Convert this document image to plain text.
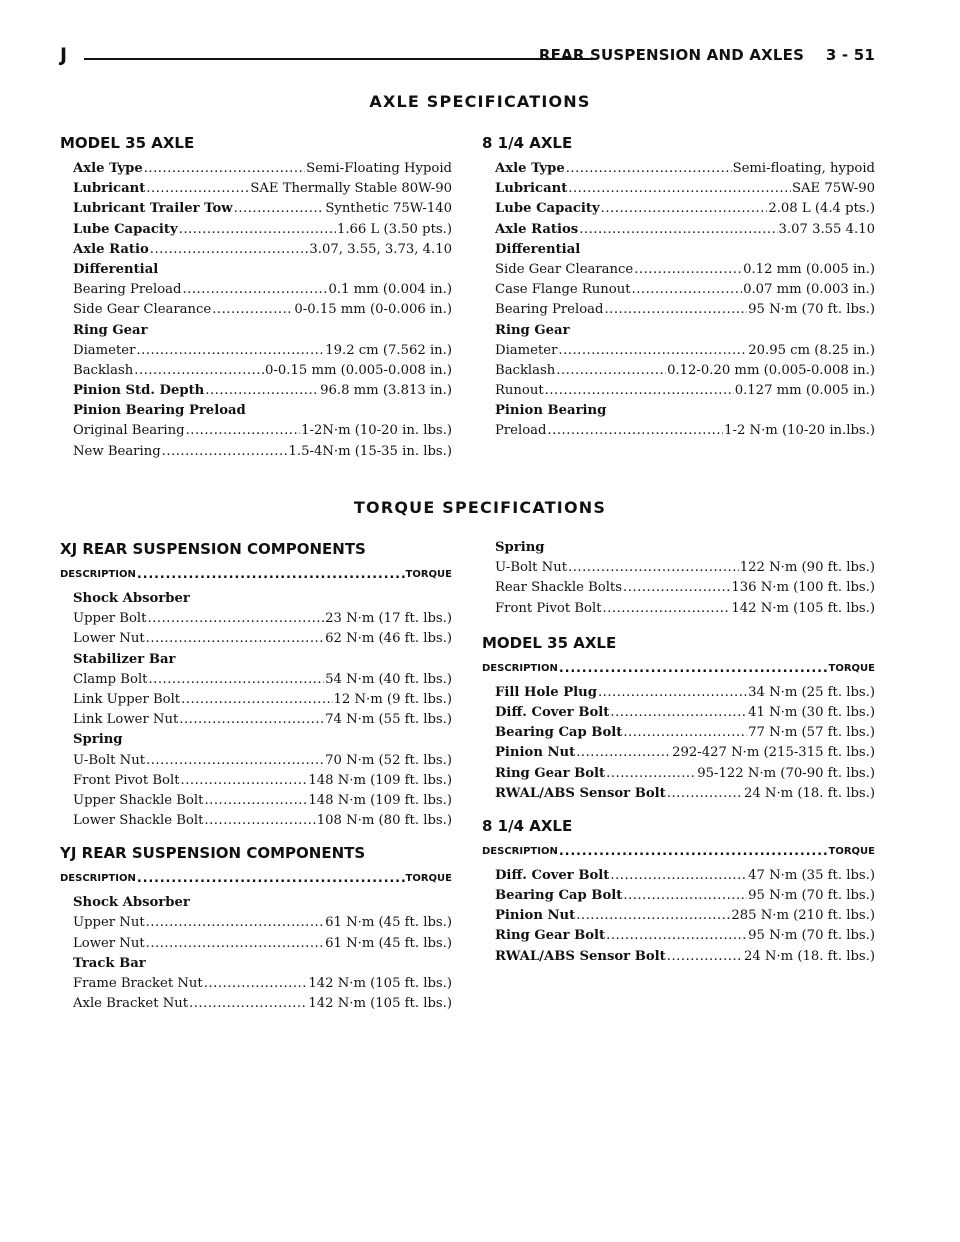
J	REAR SUSPENSION AND AXLES 3 - 51
AXLE SPECIFICATIONS
MODEL 35 AXLE
Axle Type .....	Semi-Floating Hypoid
Lubricant .....	SAE Thermally Stable 80W-90
Lubricant Trailer Tow .....	Synthetic 75W-140
Lube Capacity .....	1.66 L (3.50 pts.)
Axle Ratio .....	3.07, 3.55, 3.73, 4.10
Differential
Bearing Preload .....	0.1 mm (0.004 in.)
Side Gear Clearance .....	0-0.15 mm (0-0.006 in.)
Ring Gear
Diameter .....	19.2 cm (7.562 in.)
Backlash .....	0-0.15 mm (0.005-0.008 in.)
Pinion Std. Depth .....	96.8 mm (3.813 in.)
Pinion Bearing Preload
Original Bearing .....	1-2N·m (10-20 in. lbs.)
New Bearing .....	1.5-4N·m (15-35 in. lbs.)
8 1/4 AXLE
Axle Type .....	Semi-floating, hypoid
Lubricant .....	SAE 75W-90
Lube Capacity .....	2.08 L (4.4 pts.)
Axle Ratios .....	3.07 3.55 4.10
Differential
Side Gear Clearance .....	0.12 mm (0.005 in.)
Case Flange Runout .....	0.07 mm (0.003 in.)
Bearing Preload .....	95 N·m (70 ft. lbs.)
Ring Gear
Diameter .....	20.95 cm (8.25 in.)
Backlash .....	0.12-0.20 mm (0.005-0.008 in.)
Runout .....	0.127 mm (0.005 in.)
Pinion Bearing
Preload .....	1-2 N·m (10-20 in.lbs.)
TORQUE SPECIFICATIONS
XJ REAR SUSPENSION COMPONENTS
DESCRIPTION .....	TORQUE
Shock Absorber
Upper Bolt .....	23 N·m (17 ft. lbs.)
Lower Nut .....	62 N·m (46 ft. lbs.)
Stabilizer Bar
Clamp Bolt .....	54 N·m (40 ft. lbs.)
Link Upper Bolt .....	12 N·m (9 ft. lbs.)
Link Lower Nut .....	74 N·m (55 ft. lbs.)
Spring
U-Bolt Nut .....	70 N·m (52 ft. lbs.)
Front Pivot Bolt .....	148 N·m (109 ft. lbs.)
Upper Shackle Bolt .....	148 N·m (109 ft. lbs.)
Lower Shackle Bolt .....	108 N·m (80 ft. lbs.)
YJ REAR SUSPENSION COMPONENTS
DESCRIPTION .....	TORQUE
Shock Absorber
Upper Nut .....	61 N·m (45 ft. lbs.)
Lower Nut .....	61 N·m (45 ft. lbs.)
Track Bar
Frame Bracket Nut .....	142 N·m (105 ft. lbs.)
Axle Bracket Nut .....	142 N·m (105 ft. lbs.)
Spring
U-Bolt Nut .....	122 N·m (90 ft. lbs.)
Rear Shackle Bolts .....	136 N·m (100 ft. lbs.)
Front Pivot Bolt .....	142 N·m (105 ft. lbs.)
MODEL 35 AXLE
DESCRIPTION .....	TORQUE
Fill Hole Plug .....	34 N·m (25 ft. lbs.)
Diff. Cover Bolt .....	41 N·m (30 ft. lbs.)
Bearing Cap Bolt .....	77 N·m (57 ft. lbs.)
Pinion Nut .....	292-427 N·m (215-315 ft. lbs.)
Ring Gear Bolt .....	95-122 N·m (70-90 ft. lbs.)
RWAL/ABS Sensor Bolt .....	24 N·m (18. ft. lbs.)
8 1/4 AXLE
DESCRIPTION .....	TORQUE
Diff. Cover Bolt .....	47 N·m (35 ft. lbs.)
Bearing Cap Bolt .....	95 N·m (70 ft. lbs.)
Pinion Nut .....	285 N·m (210 ft. lbs.)
Ring Gear Bolt .....	95 N·m (70 ft. lbs.)
RWAL/ABS Sensor Bolt .....	24 N·m (18. ft. lbs.)
